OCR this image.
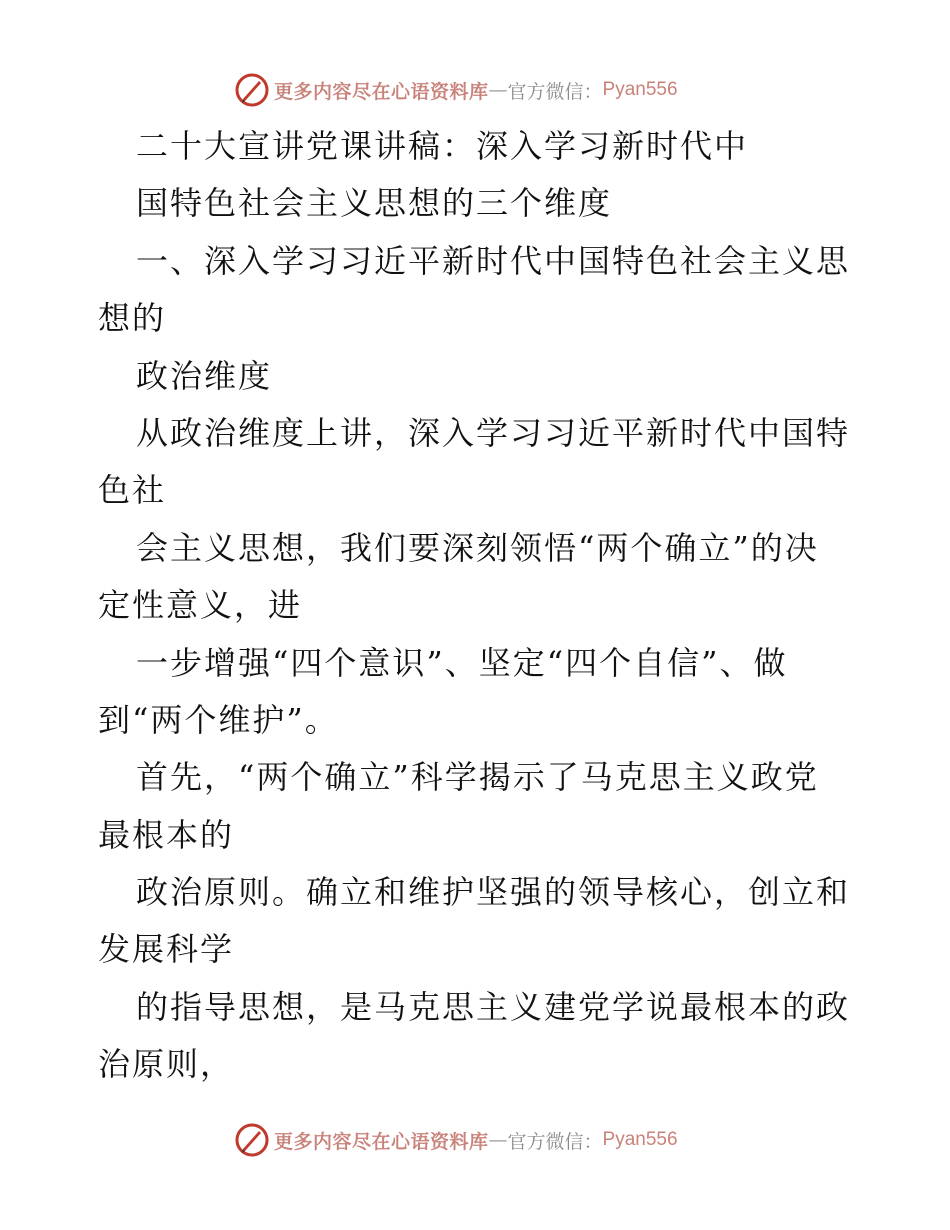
更多内容尽在心语资料库 — 官方微信： Pyan556
二十大宣讲党课讲稿：深入学习新时代中
国特色社会主义思想的三个维度
一、深入学习习近平新时代中国特色社会主义思
想的
政治维度
从政治维度上讲，深入学习习近平新时代中国特
色社
会主义思想，我们要深刻领悟“两个确立”的决
定性意义，进
一步增强“四个意识”、坚定“四个自信”、做
到“两个维护”。
首先，“两个确立”科学揭示了马克思主义政党
最根本的
政治原则。确立和维护坚强的领导核心，创立和
发展科学
的指导思想，是马克思主义建党学说最根本的政
治原则，
更多内容尽在心语资料库 — 官方微信： Pyan556
